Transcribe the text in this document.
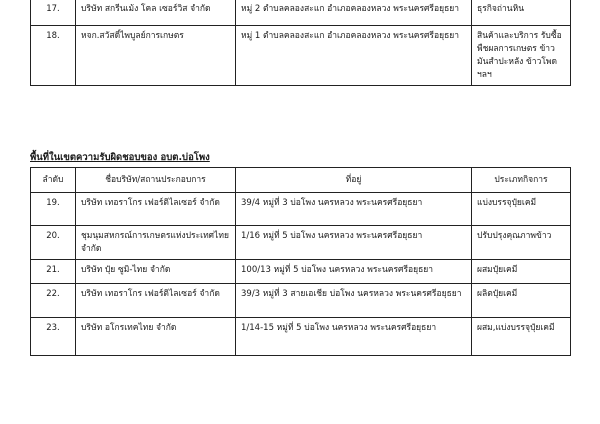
17.	บริษัท สกรีนเม้ง โคล เซอร์วิส จำกัด	หมู่ 2 ตำบลคลองสะแก อำเภอคลองหลวง พระนครศรีอยุธยา	ธุรกิจถ่านหิน
18.	หจก.สวัสดิ์ไพบูลย์การเกษตร	หมู่ 1 ตำบลคลองสะแก อำเภอคลองหลวง พระนครศรีอยุธยา	สินค้าและบริการ รับซื้อพืชผลการเกษตร ข้าว มันสำปะหลัง ข้าวโพด ฯลฯ
พื้นที่ในเขตความรับผิดชอบของ อบต.บ่อโพง
ลำดับ	ชื่อบริษัท/สถานประกอบการ	ที่อยู่	ประเภทกิจการ
19.	บริษัท เทอราโกร เฟอร์ติไลเซอร์ จำกัด	39/4 หมู่ที่ 3 บ่อโพง นครหลวง พระนครศรีอยุธยา	แบ่งบรรจุปุ๋ยเคมี
20.	ชุมนุมสหกรณ์การเกษตรแห่งประเทศไทย จำกัด	1/16 หมู่ที่ 5 บ่อโพง นครหลวง พระนครศรีอยุธยา	ปรับปรุงคุณภาพข้าว
21.	บริษัท ปุ๋ย ซูมิ-ไทย จำกัด	100/13 หมู่ที่ 5 บ่อโพง นครหลวง พระนครศรีอยุธยา	ผสมปุ๋ยเคมี
22.	บริษัท เทอราโกร เฟอร์ติไลเซอร์ จำกัด	39/3 หมู่ที่ 3 สายเอเชีย บ่อโพง นครหลวง พระนครศรีอยุธยา	ผลิตปุ๋ยเคมี
23.	บริษัท อโกรเทคไทย จำกัด	1/14-15 หมู่ที่ 5 บ่อโพง นครหลวง พระนครศรีอยุธยา	ผสม,แบ่งบรรจุปุ๋ยเคมี
